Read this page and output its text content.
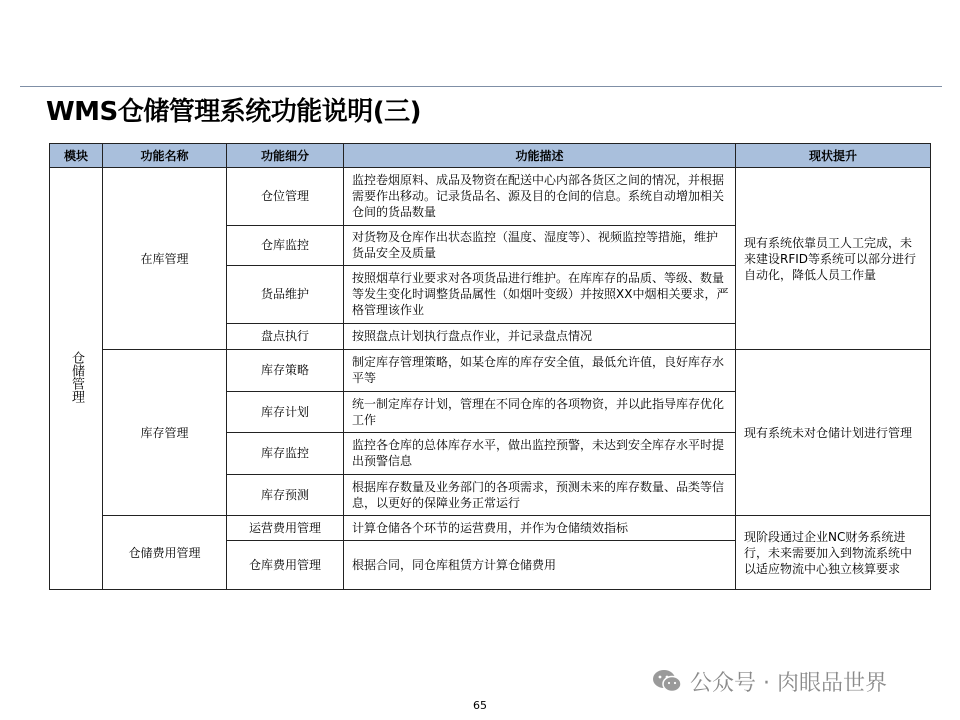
WMS仓储管理系统功能说明(三)
模块	功能名称	功能细分	功能描述	现状提升
仓储管理	在库管理	仓位管理	监控卷烟原料、成品及物资在配送中心内部各货区之间的情况，并根据需要作出移动。记录货品名、源及目的仓间的信息。系统自动增加相关仓间的货品数量	现有系统依靠员工人工完成，未来建设RFID等系统可以部分进行自动化，降低人员工作量
		仓库监控	对货物及仓库作出状态监控（温度、湿度等）、视频监控等措施，维护货品安全及质量	
		货品维护	按照烟草行业要求对各项货品进行维护。在库库存的品质、等级、数量等发生变化时调整货品属性（如烟叶变级）并按照XX中烟相关要求，严格管理该作业	
		盘点执行	按照盘点计划执行盘点作业，并记录盘点情况	
	库存管理	库存策略	制定库存管理策略，如某仓库的库存安全值，最低允许值，良好库存水平等	现有系统未对仓储计划进行管理
		库存计划	统一制定库存计划，管理在不同仓库的各项物资，并以此指导库存优化工作	
		库存监控	监控各仓库的总体库存水平，做出监控预警，未达到安全库存水平时提出预警信息	
		库存预测	根据库存数量及业务部门的各项需求，预测未来的库存数量、品类等信息，以更好的保障业务正常运行	
	仓储费用管理	运营费用管理	计算仓储各个环节的运营费用，并作为仓储绩效指标	现阶段通过企业NC财务系统进行，未来需要加入到物流系统中以适应物流中心独立核算要求
		仓库费用管理	根据合同，同仓库租赁方计算仓储费用	
公众号 · 肉眼品世界
65
